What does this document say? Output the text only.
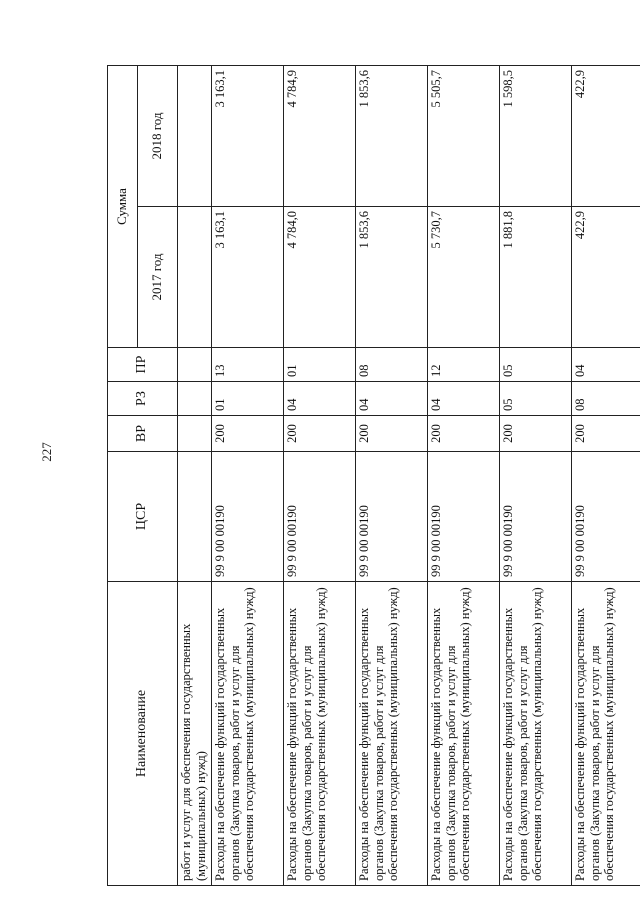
227
Наименование	ЦСР	ВР	РЗ	ПР	Сумма	
					2017 год	2018 год
работ и услуг для обеспечения государственных (муниципальных) нужд)						
Расходы на обеспечение функций государственных органов (Закупка товаров, работ и услуг для обеспечения государственных (муниципальных) нужд)	99 9 00 00190	200	01	13	3 163,1	3 163,1
Расходы на обеспечение функций государственных органов (Закупка товаров, работ и услуг для обеспечения государственных (муниципальных) нужд)	99 9 00 00190	200	04	01	4 784,0	4 784,9
Расходы на обеспечение функций государственных органов (Закупка товаров, работ и услуг для обеспечения государственных (муниципальных) нужд)	99 9 00 00190	200	04	08	1 853,6	1 853,6
Расходы на обеспечение функций государственных органов (Закупка товаров, работ и услуг для обеспечения государственных (муниципальных) нужд)	99 9 00 00190	200	04	12	5 730,7	5 505,7
Расходы на обеспечение функций государственных органов (Закупка товаров, работ и услуг для обеспечения государственных (муниципальных) нужд)	99 9 00 00190	200	05	05	1 881,8	1 598,5
Расходы на обеспечение функций государственных органов (Закупка товаров, работ и услуг для обеспечения государственных (муниципальных) нужд)	99 9 00 00190	200	08	04	422,9	422,9
